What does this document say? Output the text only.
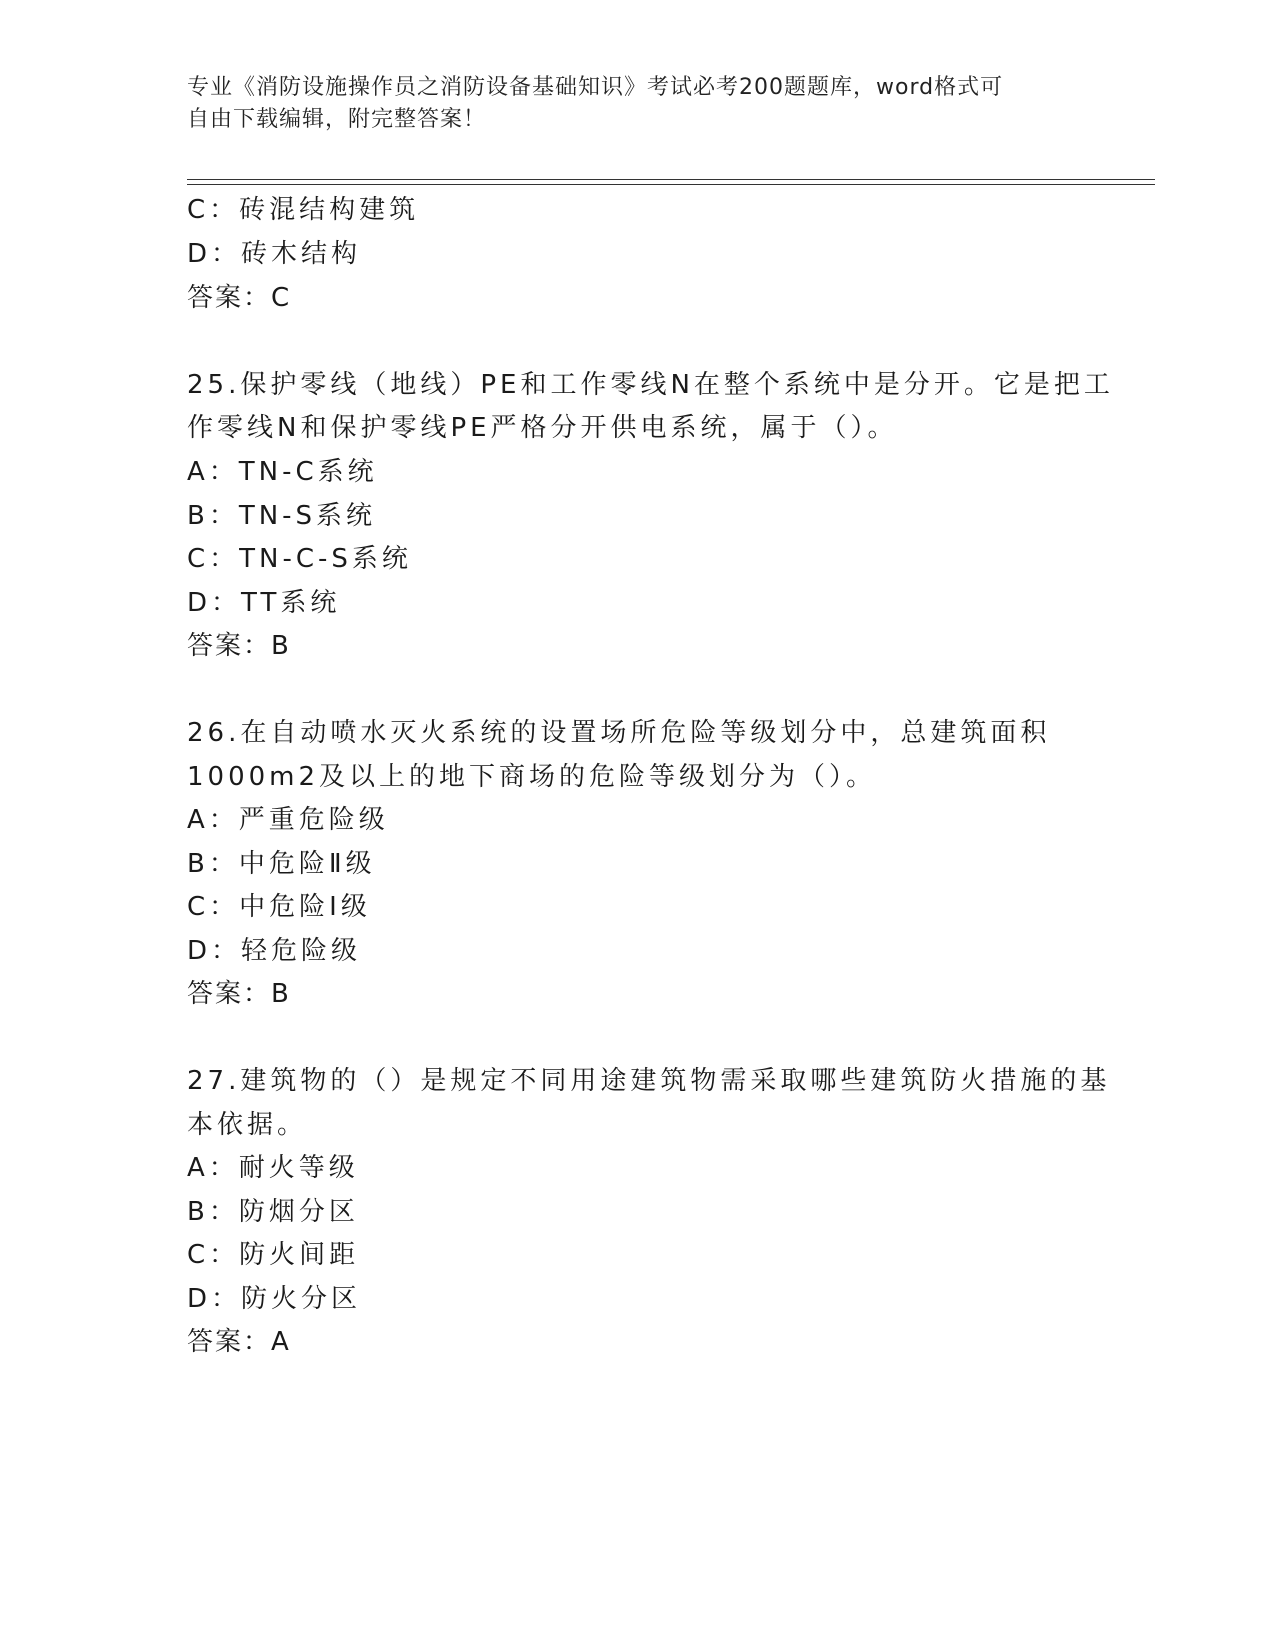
专业《消防设施操作员之消防设备基础知识》考试必考200题题库，word格式可
自由下载编辑，附完整答案！
C：砖混结构建筑
D：砖木结构
答案：C
25.保护零线（地线）PE和工作零线N在整个系统中是分开。它是把工
作零线N和保护零线PE严格分开供电系统，属于（）。
A：TN-C系统
B：TN-S系统
C：TN-C-S系统
D：TT系统
答案：B
26.在自动喷水灭火系统的设置场所危险等级划分中，总建筑面积
1000m2及以上的地下商场的危险等级划分为（）。
A：严重危险级
B：中危险Ⅱ级
C：中危险Ⅰ级
D：轻危险级
答案：B
27.建筑物的（）是规定不同用途建筑物需采取哪些建筑防火措施的基
本依据。
A：耐火等级
B：防烟分区
C：防火间距
D：防火分区
答案：A
